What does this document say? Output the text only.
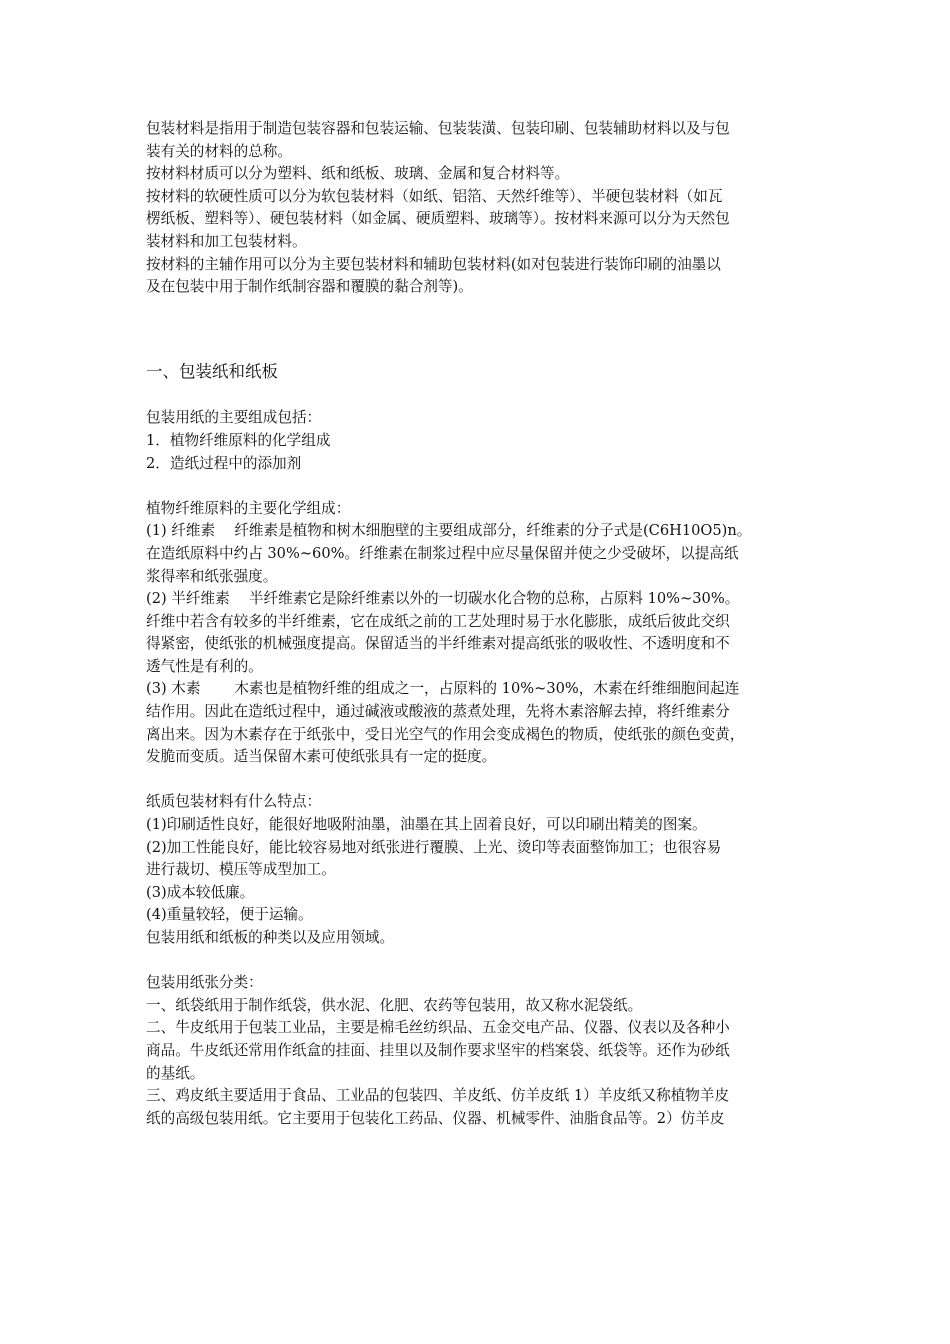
包装材料是指用于制造包装容器和包装运输、包装装潢、包装印刷、包装辅助材料以及与包
装有关的材料的总称。
按材料材质可以分为塑料、纸和纸板、玻璃、金属和复合材料等。
按材料的软硬性质可以分为软包装材料（如纸、铝箔、天然纤维等）、半硬包装材料（如瓦
楞纸板、塑料等）、硬包装材料（如金属、硬质塑料、玻璃等）。按材料来源可以分为天然包
装材料和加工包装材料。
按材料的主辅作用可以分为主要包装材料和辅助包装材料(如对包装进行装饰印刷的油墨以
及在包装中用于制作纸制容器和覆膜的黏合剂等)。
一、包装纸和纸板
包装用纸的主要组成包括：
1．植物纤维原料的化学组成
2．造纸过程中的添加剂
植物纤维原料的主要化学组成：
(1) 纤维素　 纤维素是植物和树木细胞壁的主要组成部分，纤维素的分子式是(C6H10O5)n。
在造纸原料中约占 30%~60%。纤维素在制浆过程中应尽量保留并使之少受破坏，以提高纸
浆得率和纸张强度。
(2) 半纤维素　 半纤维素它是除纤维素以外的一切碳水化合物的总称，占原料 10%~30%。
纤维中若含有较多的半纤维素，它在成纸之前的工艺处理时易于水化膨胀，成纸后彼此交织
得紧密，使纸张的机械强度提高。保留适当的半纤维素对提高纸张的吸收性、不透明度和不
透气性是有利的。
(3) 木素　　 木素也是植物纤维的组成之一，占原料的 10%~30%，木素在纤维细胞间起连
结作用。因此在造纸过程中，通过碱液或酸液的蒸煮处理，先将木素溶解去掉，将纤维素分
离出来。因为木素存在于纸张中，受日光空气的作用会变成褐色的物质，使纸张的颜色变黄，
发脆而变质。适当保留木素可使纸张具有一定的挺度。
纸质包装材料有什么特点：
(1)印刷适性良好，能很好地吸附油墨，油墨在其上固着良好，可以印刷出精美的图案。
(2)加工性能良好，能比较容易地对纸张进行覆膜、上光、烫印等表面整饰加工；也很容易
进行裁切、模压等成型加工。
(3)成本较低廉。
(4)重量较轻，便于运输。
包装用纸和纸板的种类以及应用领域。
包装用纸张分类：
一、纸袋纸用于制作纸袋，供水泥、化肥、农药等包装用，故又称水泥袋纸。
二、牛皮纸用于包装工业品，主要是棉毛丝纺织品、五金交电产品、仪器、仪表以及各种小
商品。牛皮纸还常用作纸盒的挂面、挂里以及制作要求坚牢的档案袋、纸袋等。还作为砂纸
的基纸。
三、鸡皮纸主要适用于食品、工业品的包装四、羊皮纸、仿羊皮纸 1）羊皮纸又称植物羊皮
纸的高级包装用纸。它主要用于包装化工药品、仪器、机械零件、油脂食品等。2）仿羊皮
